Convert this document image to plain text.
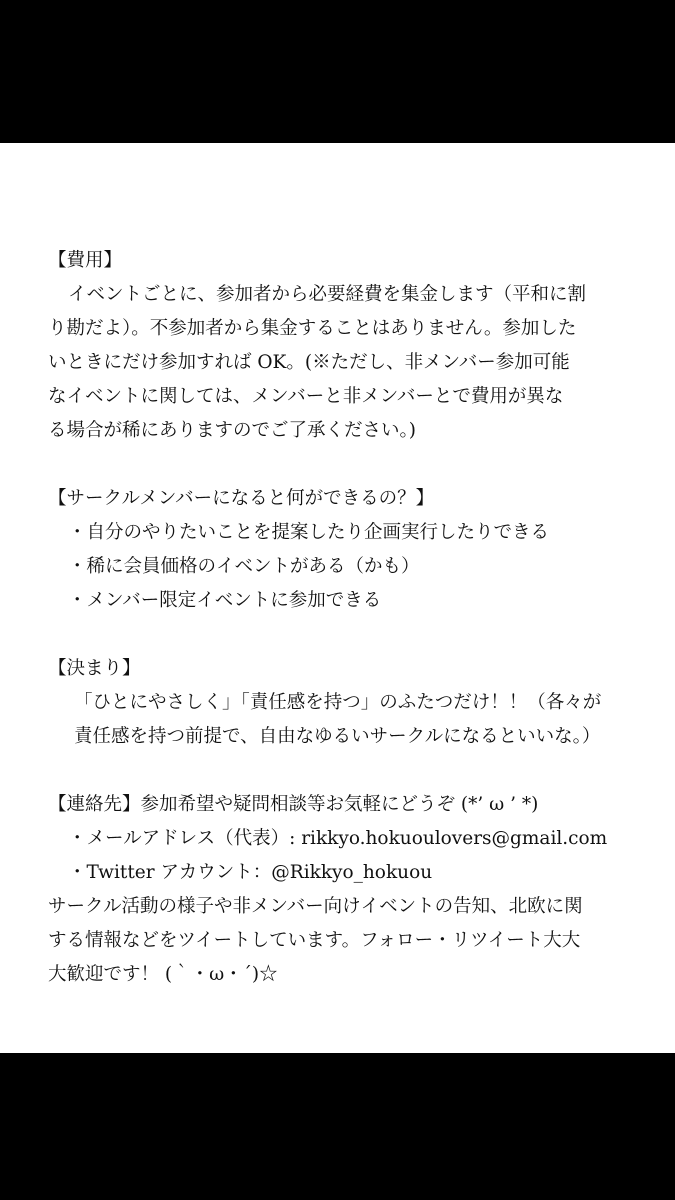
【費用】
イベントごとに、参加者から必要経費を集金します（平和に割
り勘だよ）。不参加者から集金することはありません。参加した
いときにだけ参加すれば OK。(※ただし、非メンバー参加可能
なイベントに関しては、メンバーと非メンバーとで費用が異な
る場合が稀にありますのでご了承ください。)
【サークルメンバーになると何ができるの？】
・自分のやりたいことを提案したり企画実行したりできる
・稀に会員価格のイベントがある（かも）
・メンバー限定イベントに参加できる
【決まり】
「ひとにやさしく」「責任感を持つ」のふたつだけ！！（各々が
責任感を持つ前提で、自由なゆるいサークルになるといいな。）
【連絡先】参加希望や疑問相談等お気軽にどうぞ (*’ ω ’ *)
・メールアドレス（代表）: rikkyo.hokuoulovers@gmail.com
・Twitter アカウント：@Rikkyo_hokuou
サークル活動の様子や非メンバー向けイベントの告知、北欧に関
する情報などをツイートしています。フォロー・リツイート大大
大歓迎です！ (｀・ω・´)☆
